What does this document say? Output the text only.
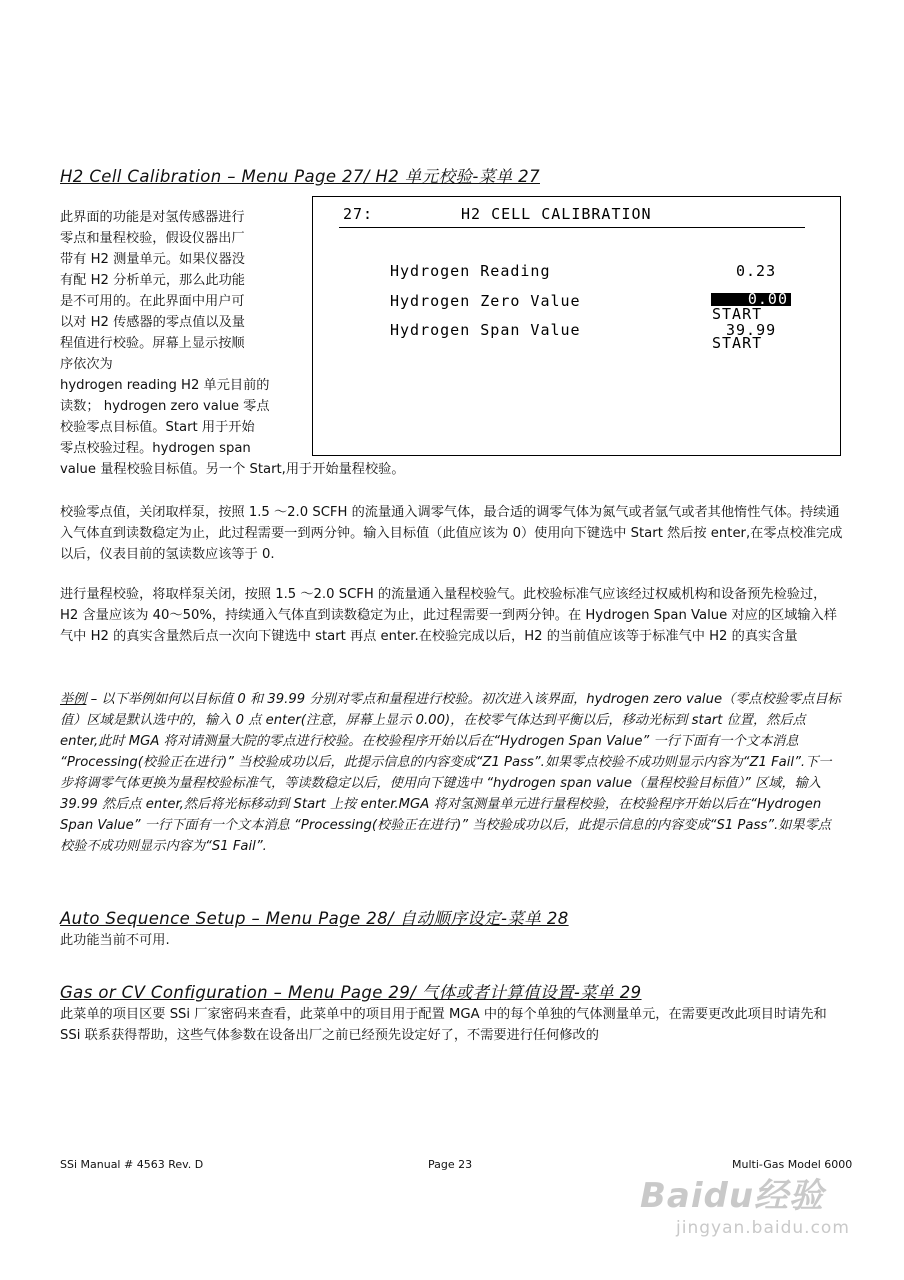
H2 Cell Calibration – Menu Page 27/ H2 单元校验-菜单 27
此界面的功能是对氢传感器进行
零点和量程校验，假设仪器出厂
带有 H2 测量单元。如果仪器没
有配 H2 分析单元，那么此功能
是不可用的。在此界面中用户可
以对 H2 传感器的零点值以及量
程值进行校验。屏幕上显示按顺
序依次为
hydrogen reading H2 单元目前的
读数； hydrogen zero value 零点
校验零点目标值。Start 用于开始
零点校验过程。hydrogen span
value 量程校验目标值。另一个 Start,用于开始量程校验。
27:	H2 CELL CALIBRATION
Hydrogen Reading	0.23
Hydrogen Zero Value	0.00
START
Hydrogen Span Value	39.99
START
校验零点值，关闭取样泵，按照 1.5 ～2.0 SCFH 的流量通入调零气体，最合适的调零气体为氮气或者氩气或者其他惰性气体。持续通入气体直到读数稳定为止，此过程需要一到两分钟。输入目标值（此值应该为 0）使用向下键选中 Start 然后按 enter,在零点校准完成以后，仪表目前的氢读数应该等于 0.
进行量程校验，将取样泵关闭，按照 1.5 ～2.0 SCFH 的流量通入量程校验气。此校验标准气应该经过权威机构和设备预先检验过，H2 含量应该为 40～50%，持续通入气体直到读数稳定为止，此过程需要一到两分钟。在 Hydrogen Span Value 对应的区域输入样气中 H2 的真实含量然后点一次向下键选中 start 再点 enter.在校验完成以后，H2 的当前值应该等于标准气中 H2 的真实含量
举例 – 以下举例如何以目标值 0 和 39.99 分别对零点和量程进行校验。初次进入该界面，hydrogen zero value（零点校验零点目标值）区域是默认选中的，输入 0 点 enter(注意，屏幕上显示 0.00)，在校零气体达到平衡以后，移动光标到 start 位置，然后点 enter,此时 MGA 将对请测量大院的零点进行校验。在校验程序开始以后在“Hydrogen Span Value” 一行下面有一个文本消息 “Processing(校验正在进行)” 当校验成功以后，此提示信息的内容变成“Z1 Pass”.如果零点校验不成功则显示内容为“Z1 Fail”.下一步将调零气体更换为量程校验标准气，等读数稳定以后，使用向下键选中 “hydrogen span value（量程校验目标值）” 区域，输入 39.99 然后点 enter,然后将光标移动到 Start 上按 enter.MGA 将对氢测量单元进行量程校验，在校验程序开始以后在“Hydrogen Span Value” 一行下面有一个文本消息 “Processing(校验正在进行)” 当校验成功以后，此提示信息的内容变成“S1 Pass”.如果零点校验不成功则显示内容为“S1 Fail”.
Auto Sequence Setup – Menu Page 28/ 自动顺序设定-菜单 28
此功能当前不可用.
Gas or CV Configuration – Menu Page 29/ 气体或者计算值设置-菜单 29
此菜单的项目区要 SSi 厂家密码来查看，此菜单中的项目用于配置 MGA 中的每个单独的气体测量单元，在需要更改此项目时请先和 SSi 联系获得帮助，这些气体参数在设备出厂之前已经预先设定好了，不需要进行任何修改的
SSi Manual # 4563 Rev. D	Page 23	Multi-Gas Model 6000
Baidu经验
jingyan.baidu.com
